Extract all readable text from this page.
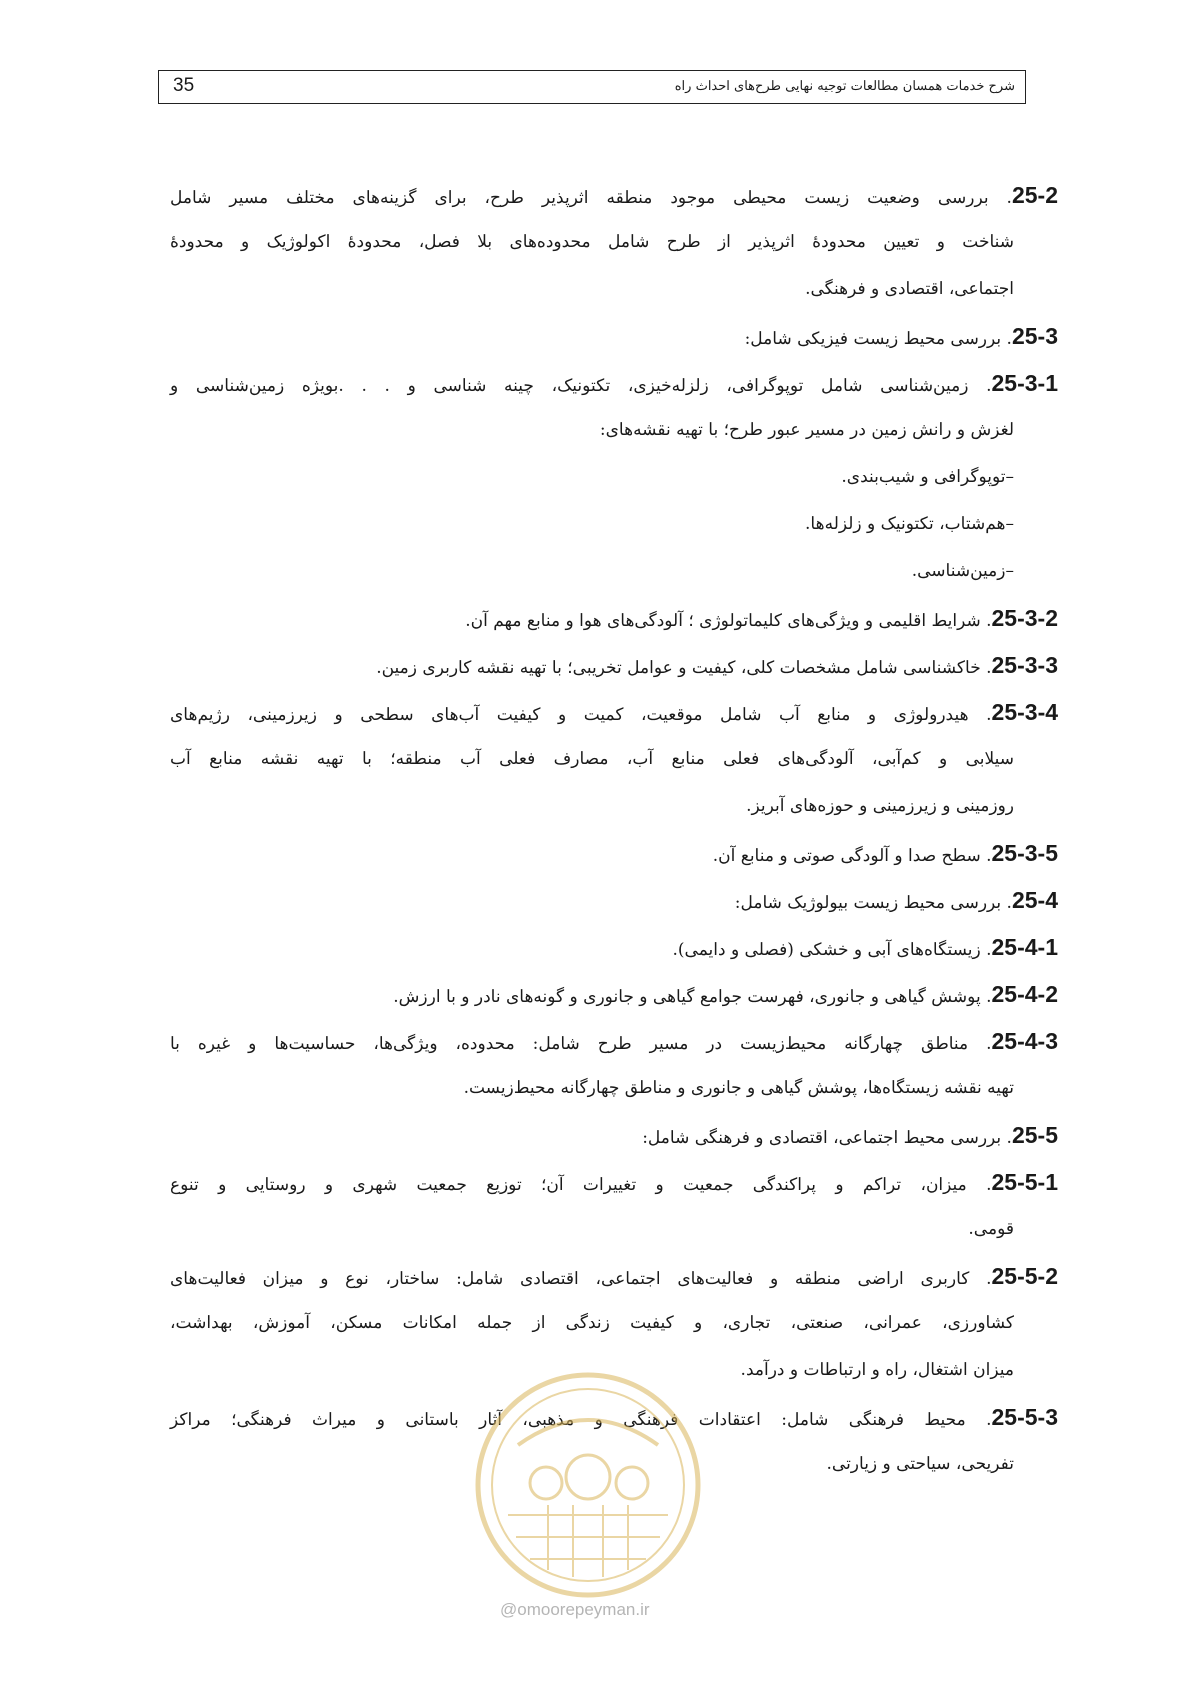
35	شرح خدمات همسان مطالعات توجیه نهایی طرح‌های احداث راه
25-2. بررسی وضعیت زیست محیطی موجود منطقه اثرپذیر طرح، برای گزینه‌های مختلف مسیر شامل
شناخت و تعیین محدودهٔ اثرپذیر از طرح شامل محدوده‌های بلا فصل، محدودهٔ اکولوژیک و محدودهٔ
اجتماعی، اقتصادی و فرهنگی.
25-3. بررسی محیط زیست فیزیکی شامل:
25-3-1. زمین‌شناسی شامل توپوگرافی، زلزله‌خیزی، تکتونیک، چینه شناسی و . . .بویژه زمین‌شناسی و
لغزش و رانش زمین در مسیر عبور طرح؛ با تهیه نقشه‌های:
–توپوگرافی و شیب‌بندی.
–هم‌شتاب، تکتونیک و زلزله‌ها.
–زمین‌شناسی.
25-3-2. شرایط اقلیمی و ویژگی‌های کلیماتولوژی ؛ آلودگی‌های هوا و منابع مهم آن.
25-3-3. خاکشناسی شامل مشخصات کلی، کیفیت و عوامل تخریبی؛ با تهیه نقشه کاربری زمین.
25-3-4. هیدرولوژی و منابع آب شامل موقعیت، کمیت و کیفیت آب‌های سطحی و زیرزمینی، رژیم‌های
سیلابی و کم‌آبی، آلودگی‌های فعلی منابع آب، مصارف فعلی آب منطقه؛ با تهیه نقشه منابع آب
روزمینی و زیرزمینی و حوزه‌های آبریز.
25-3-5. سطح صدا و آلودگی صوتی و منابع آن.
25-4. بررسی محیط زیست بیولوژیک شامل:
25-4-1. زیستگاه‌های آبی و خشکی (فصلی و دایمی).
25-4-2. پوشش گیاهی و جانوری، فهرست جوامع گیاهی و جانوری و گونه‌های نادر و با ارزش.
25-4-3. مناطق چهارگانه محیط‌زیست در مسیر طرح شامل: محدوده، ویژگی‌ها، حساسیت‌ها و غیره با
تهیه نقشه زیستگاه‌ها، پوشش گیاهی و جانوری و مناطق چهارگانه محیط‌زیست.
25-5. بررسی محیط اجتماعی، اقتصادی و فرهنگی شامل:
25-5-1. میزان، تراکم و پراکندگی جمعیت و تغییرات آن؛ توزیع جمعیت شهری و روستایی و تنوع
قومی.
25-5-2. کاربری اراضی منطقه و فعالیت‌های اجتماعی، اقتصادی شامل: ساختار، نوع و میزان فعالیت‌های
کشاورزی، عمرانی، صنعتی، تجاری، و کیفیت زندگی از جمله امکانات مسکن، آموزش، بهداشت،
میزان اشتغال، راه و ارتباطات و درآمد.
25-5-3. محیط فرهنگی شامل: اعتقادات فرهنگی و مذهبی، آثار باستانی و میراث فرهنگی؛ مراکز
تفریحی، سیاحتی و زیارتی.
@omoorepeyman.ir
